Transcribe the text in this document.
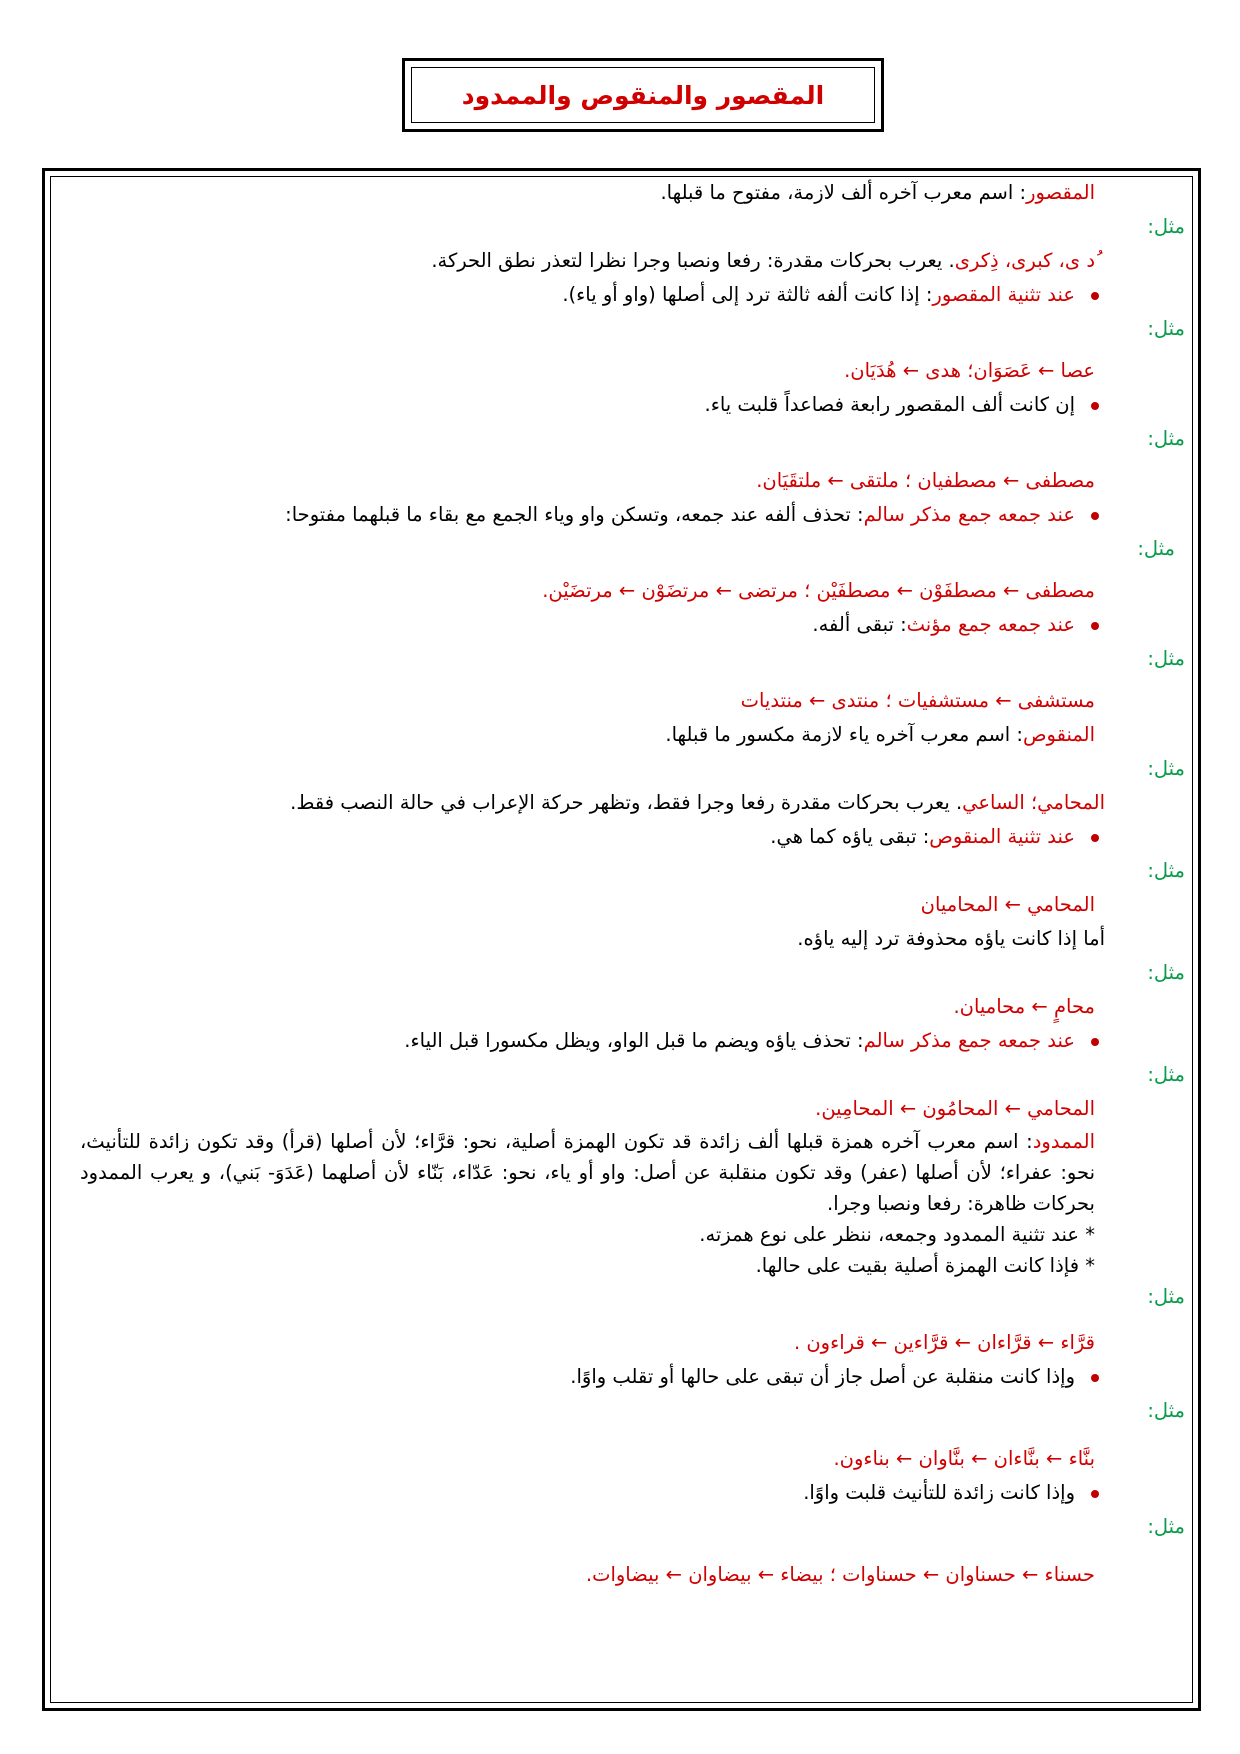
المقصور والمنقوص والممدود

المقصور: اسم معرب آخره ألف لازمة، مفتوح ما قبلها.

مثل:

ُد ى، كبرى، ذِكرى. يعرب بحركات مقدرة: رفعا ونصبا وجرا نظرا لتعذر نطق الحركة.

عند تثنية المقصور: إذا كانت ألفه ثالثة ترد إلى أصلها (واو أو ياء).

مثل:

عصا ← عَصَوَان؛ هدى ← هُدَيَان.

إن كانت ألف المقصور رابعة فصاعداً قلبت ياء.

مثل:

مصطفى ← مصطفيان ؛ ملتقى ← ملتقَيَان.

عند جمعه جمع مذكر سالم: تحذف ألفه عند جمعه، وتسكن واو وياء الجمع مع بقاء ما قبلهما مفتوحا:

مثل:

مصطفى ← مصطفَوْن ← مصطفَيْن ؛ مرتضى ← مرتضَوْن ← مرتضَيْن.

عند جمعه جمع مؤنث: تبقى ألفه.

مثل:

مستشفى ← مستشفيات ؛ منتدى ← منتديات

المنقوص: اسم معرب آخره ياء لازمة مكسور ما قبلها.

مثل:

المحامي؛ الساعي. يعرب بحركات مقدرة رفعا وجرا فقط، وتظهر حركة الإعراب في حالة النصب فقط.

عند تثنية المنقوص: تبقى ياؤه كما هي.

مثل:

المحامي ← المحاميان

أما إذا كانت ياؤه محذوفة ترد إليه ياؤه.

مثل:

محامٍ ← محاميان.

عند جمعه جمع مذكر سالم: تحذف ياؤه ويضم ما قبل الواو، ويظل مكسورا قبل الياء.

مثل:

المحامي ← المحامُون ← المحامِين.

الممدود: اسم معرب آخره همزة قبلها ألف زائدة قد تكون الهمزة أصلية، نحو: قرَّاء؛ لأن أصلها (قرأ) وقد تكون زائدة للتأنيث، نحو: عفراء؛ لأن أصلها (عفر) وقد تكون منقلبة عن أصل: واو أو ياء، نحو: عَدّاء، بَنّاء لأن أصلهما (عَدَوَ- بَني)، و يعرب الممدود بحركات ظاهرة: رفعا ونصبا وجرا.

* عند تثنية الممدود وجمعه، ننظر على نوع همزته.

* فإذا كانت الهمزة أصلية بقيت على حالها.

مثل:

قرَّاء ← قرَّاءان ← قرَّاءين ← قراءون .

وإذا كانت منقلبة عن أصل جاز أن تبقى على حالها أو تقلب واوًا.

مثل:

بنَّاء ← بنَّاءان ← بنَّاوان ← بناءون.

وإذا كانت زائدة للتأنيث قلبت واوًا.

مثل:

حسناء ← حسناوان ← حسناوات ؛ بيضاء ← بيضاوان ← بيضاوات.
